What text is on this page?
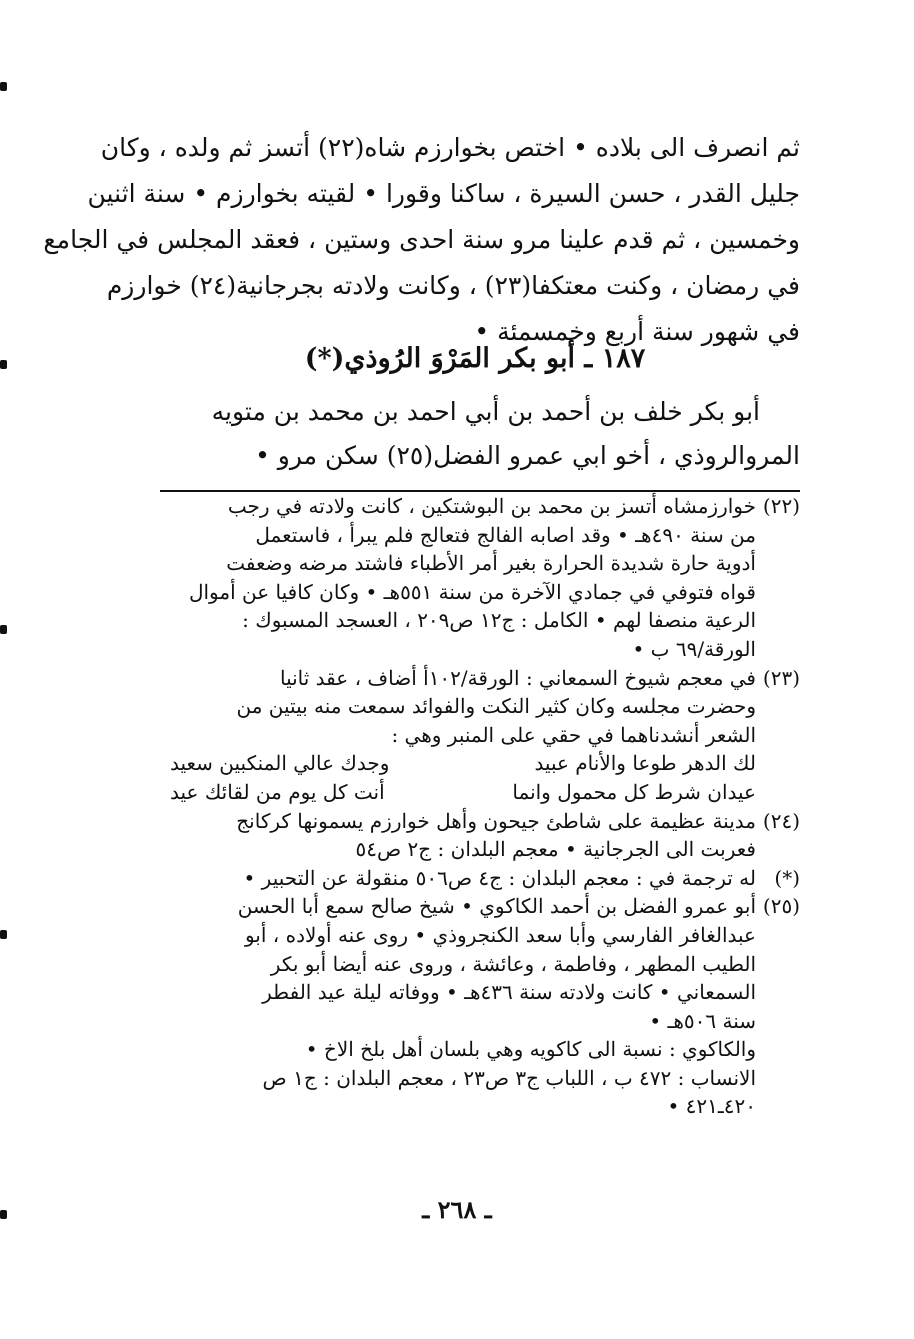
ثم انصرف الى بلاده • اختص بخوارزم شاه(٢٢) أتسز ثم ولده ، وكان
جليل القدر ، حسن السيرة ، ساكنا وقورا • لقيته بخوارزم • سنة اثنين
وخمسين ، ثم قدم علينا مرو سنة احدى وستين ، فعقد المجلس في الجامع
في رمضان ، وكنت معتكفا(٢٣) ، وكانت ولادته بجرجانية(٢٤) خوارزم
في شهور سنة أربع وخمسمئة •
١٨٧ ـ أبو بكر المَرْوَ الرُوذي(*)
أبو بكر خلف بن أحمد بن أبي احمد بن محمد بن متويه
المروالروذي ، أخو ابي عمرو الفضل(٢٥) سكن مرو •
(٢٢)خوارزمشاه أتسز بن محمد بن البوشتكين ، كانت ولادته في رجب
من سنة ٤٩٠هـ • وقد اصابه الفالج فتعالج فلم يبرأ ، فاستعمل
أدوية حارة شديدة الحرارة بغير أمر الأطباء فاشتد مرضه وضعفت
قواه فتوفي في جمادي الآخرة من سنة ٥٥١هـ • وكان كافيا عن أموال
الرعية منصفا لهم • الكامل : ج١٢ ص٢٠٩ ، العسجد المسبوك :
الورقة/٦٩ ب •
(٢٣)في معجم شيوخ السمعاني : الورقة/١٠٢أ أضاف ، عقد ثانيا
وحضرت مجلسه وكان كثير النكت والفوائد سمعت منه بيتين من
الشعر أنشدناهما في حقي على المنبر وهي :
لك الدهر طوعا والأنام عبيد
وجدك عالي المنكبين سعيد
عيدان شرط كل محمول وانما
أنت كل يوم من لقائك عيد
(٢٤)مدينة عظيمة على شاطئ جيحون وأهل خوارزم يسمونها كركانج
فعربت الى الجرجانية • معجم البلدان : ج٢ ص٥٤
(*)له ترجمة في : معجم البلدان : ج٤ ص٥٠٦ منقولة عن التحبير •
(٢٥)أبو عمرو الفضل بن أحمد الكاكوي • شيخ صالح سمع أبا الحسن
عبدالغافر الفارسي وأبا سعد الكنجروذي • روى عنه أولاده ، أبو
الطيب المطهر ، وفاطمة ، وعائشة ، وروى عنه أيضا أبو بكر
السمعاني • كانت ولادته سنة ٤٣٦هـ • ووفاته ليلة عيد الفطر
سنة ٥٠٦هـ •
والكاكوي : نسبة الى كاكويه وهي بلسان أهل بلخ الاخ •
الانساب : ٤٧٢ ب ، اللباب ج٣ ص٢٣ ، معجم البلدان : ج١ ص
٤٢٠ـ٤٢١ •
ـ ٢٦٨ ـ
